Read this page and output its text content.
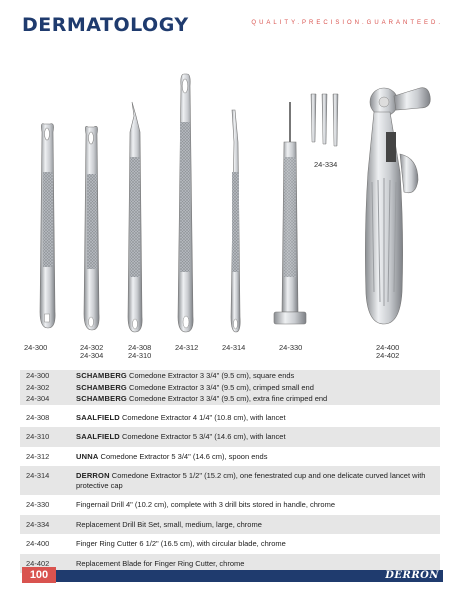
DERMATOLOGY	QUALITY.PRECISION.GUARANTEED.
24-300	24-302
24-304
24-308
24-310
24-312	24-314	24-330
24-334
24-400
24-402
24-300	SCHAMBERG Comedone Extractor 3 3/4" (9.5 cm), square ends
24-302	SCHAMBERG Comedone Extractor 3 3/4" (9.5 cm), crimped small end
24-304	SCHAMBERG Comedone Extractor 3 3/4" (9.5 cm), extra fine crimped end
24-308	SAALFIELD Comedone Extractor 4 1/4" (10.8 cm), with lancet
24-310	SAALFIELD Comedone Extractor 5 3/4" (14.6 cm), with lancet
24-312	UNNA Comedone Extractor 5 3/4" (14.6 cm), spoon ends
24-314	DERRON Comedone Extractor 5 1/2" (15.2 cm), one fenestrated cup and one delicate curved lancet with protective cap
24-330	Fingernail Drill 4" (10.2 cm), complete with 3 drill bits stored in handle, chrome
24-334	Replacement Drill Bit Set, small, medium, large, chrome
24-400	Finger Ring Cutter 6 1/2" (16.5 cm), with circular blade, chrome
24-402	Replacement Blade for Finger Ring Cutter, chrome
100	DERRON
